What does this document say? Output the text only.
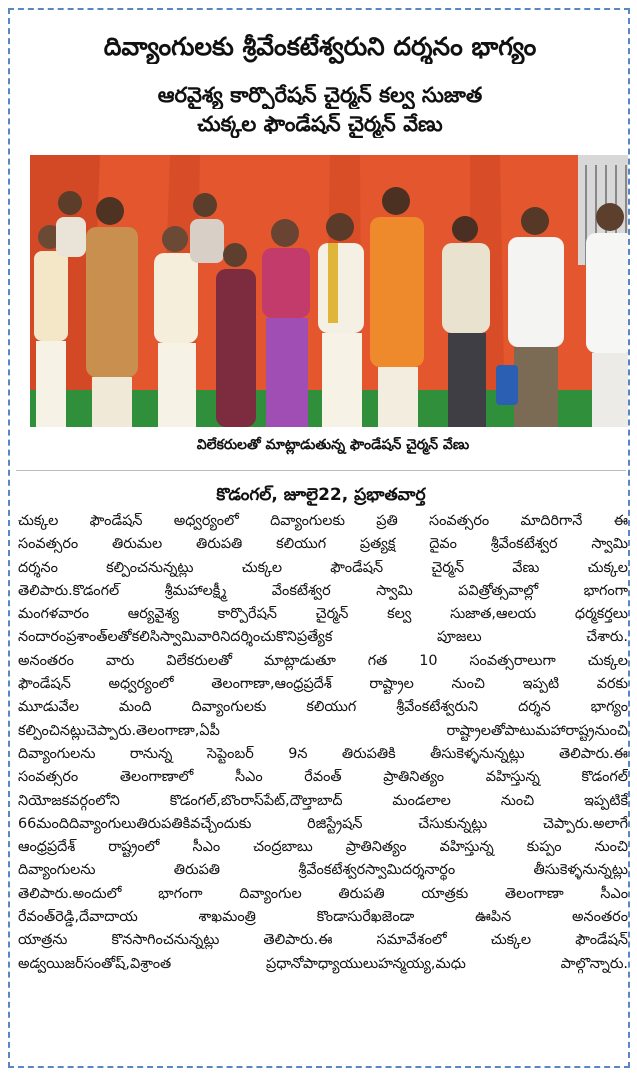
దివ్యాంగులకు శ్రీవేంకటేశ్వరుని దర్శనం భాగ్యం
ఆరవైశ్య కార్పొరేషన్ చైర్మన్ కల్వ సుజాత
చుక్కల ఫౌండేషన్ చైర్మన్ వేణు
విలేకరులతో మాట్లాడుతున్న ఫౌండేషన్ చైర్మన్ వేణు
కొడంగల్, జూలై22, ప్రభాతవార్త
చుక్కల ఫౌండేషన్ అధ్వర్యంలో దివ్యాంగులకు ప్రతి సంవత్సరం మాదిరిగానే ఈ
సంవత్సరం తిరుమల తిరుపతి కలియుగ ప్రత్యక్ష దైవం శ్రీవేంకటేశ్వర స్వామి
దర్శనం కల్పించనున్నట్లు చుక్కల ఫౌండేషన్ చైర్మన్ వేణు చుక్కల
తెలిపారు.కొడంగల్ శ్రీమహాలక్ష్మీ వేంకటేశ్వర స్వామి పవిత్రోత్సవాల్లో భాగంగా
మంగళవారం ఆర్యవైశ్య కార్పొరేషన్ చైర్మన్ కల్వ సుజాత,ఆలయ ధర్మకర్తలు
నందారంప్రశాంత్‌లతోకలిసిస్వామివారినిదర్శించుకొనిప్రత్యేక పూజలు చేశారు.
అనంతరం వారు విలేకరులతో మాట్లాడుతూ గత 10 సంవత్సరాలుగా చుక్కల
ఫౌండేషన్ అధ్వర్యంలో తెలంగాణా,ఆంధ్రప్రదేశ్ రాష్ట్రాల నుంచి ఇప్పటి వరకు
మూడువేల మంది దివ్యాంగులకు కలియుగ శ్రీవేంకటేశ్వరుని దర్శన భాగ్యం
కల్పించినట్లుచెప్పారు.తెలంగాణా,ఏపీ రాష్ట్రాలతోపాటుమహారాష్ట్రనుంచి
దివ్యాంగులను రానున్న సెప్టెంబర్ 9న తిరుపతికి తీసుకెళ్ళనున్నట్లు తెలిపారు.ఈ
సంవత్సరం తెలంగాణాలో సీఎం రేవంత్ ప్రాతినిత్యం వహిస్తున్న కొడంగల్
నియోజకవర్గంలోని కొడంగల్,బొంరాస్‌పేట్,దౌల్తాబాద్ మండలాల నుంచి ఇప్పటికే
66మందిదివ్యాంగులుతిరుపతికివచ్చేందుకు రిజిస్ట్రేషన్ చేసుకున్నట్లు చెప్పారు.అలాగే
ఆంధ్రప్రదేశ్ రాష్ట్రంలో సీఎం చంద్రబాబు ప్రాతినిత్యం వహిస్తున్న కుప్పం నుంచి
దివ్యాంగులను తిరుపతి శ్రీవేంకటేశ్వరస్వామిదర్శనార్థం తీసుకెళ్ళనున్నట్లు
తెలిపారు.అందులో భాగంగా దివ్యాంగుల తిరుపతి యాత్రకు తెలంగాణా సీఎం
రేవంత్‌రెడ్డి,దేవాదాయ శాఖమంత్రి కొండాసురేఖజెండా ఊపిన అనంతరం
యాత్రను కొనసాగించనున్నట్లు తెలిపారు.ఈ సమావేశంలో చుక్కల ఫౌండేషన్
అడ్వయిజర్‌సంతోష్,విశ్రాంత ప్రధానోపాధ్యాయులుహన్మయ్య,మధు పాల్గొన్నారు.
